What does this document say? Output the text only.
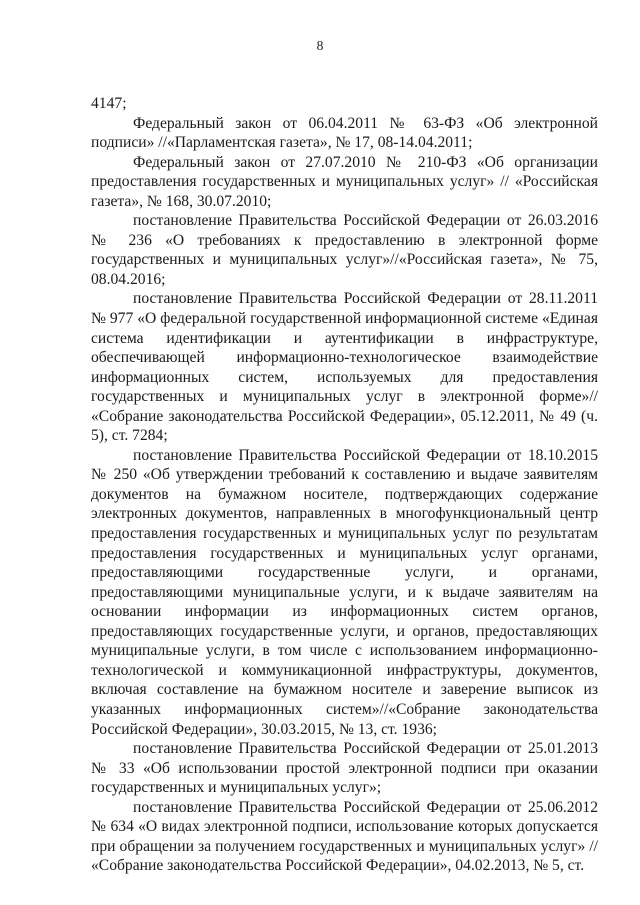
8

4147;

Федеральный закон от 06.04.2011 № 63-ФЗ «Об электронной подписи» //«Парламентская газета», № 17, 08-14.04.2011;

Федеральный закон от 27.07.2010 № 210-ФЗ «Об организации предоставления государственных и муниципальных услуг» // «Российская газета», № 168, 30.07.2010;

постановление Правительства Российской Федерации от 26.03.2016 № 236 «О требованиях к предоставлению в электронной форме государственных и муниципальных услуг»//«Российская газета», № 75, 08.04.2016;

постановление Правительства Российской Федерации от 28.11.2011 № 977 «О федеральной государственной информационной системе «Единая система идентификации и аутентификации в инфраструктуре, обеспечивающей информационно-технологическое взаимодействие информационных систем, используемых для предоставления государственных и муниципальных услуг в электронной форме»// «Собрание законодательства Российской Федерации», 05.12.2011, № 49 (ч. 5), ст. 7284;

постановление Правительства Российской Федерации от 18.10.2015 № 250 «Об утверждении требований к составлению и выдаче заявителям документов на бумажном носителе, подтверждающих содержание электронных документов, направленных в многофункциональный центр предоставления государственных и муниципальных услуг по результатам предоставления государственных и муниципальных услуг органами, предоставляющими государственные услуги, и органами, предоставляющими муниципальные услуги, и к выдаче заявителям на основании информации из информационных систем органов, предоставляющих государственные услуги, и органов, предоставляющих муниципальные услуги, в том числе с использованием информационно-технологической и коммуникационной инфраструктуры, документов, включая составление на бумажном носителе и заверение выписок из указанных информационных систем»//«Собрание законодательства Российской Федерации», 30.03.2015, № 13, ст. 1936;

постановление Правительства Российской Федерации от 25.01.2013 № 33 «Об использовании простой электронной подписи при оказании государственных и муниципальных услуг»;

постановление Правительства Российской Федерации от 25.06.2012 № 634 «О видах электронной подписи, использование которых допускается при обращении за получением государственных и муниципальных услуг» // «Собрание законодательства Российской Федерации», 04.02.2013, № 5, ст.
